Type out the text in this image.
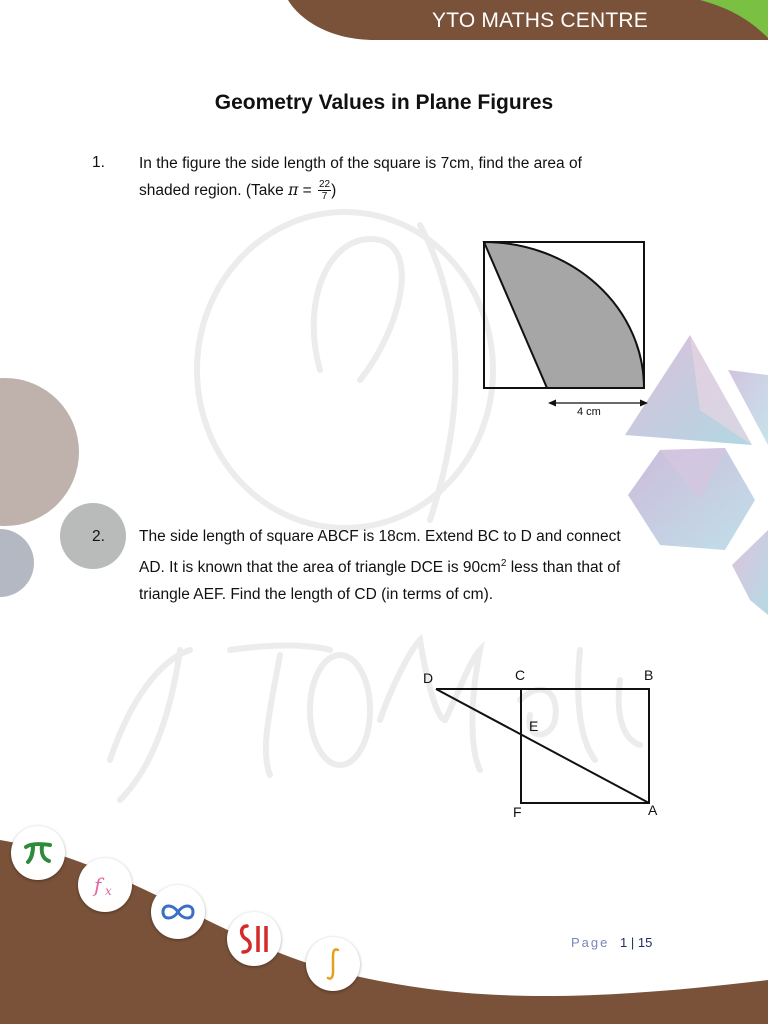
YTO MATHS CENTRE
Geometry Values in Plane Figures
1. In the figure the side length of the square is 7cm, find the area of
shaded region. (Take $\pi = \frac{22}{7}$ )
4 cm
2. The side length of square ABCF is 18cm. Extend BC to D and connect
AD. It is known that the area of triangle DCE is $90cm^2$ less than that of
triangle AEF. Find the length of CD (in terms of cm).
D	C	B
E
F	A
f x
Page 1 | 15
